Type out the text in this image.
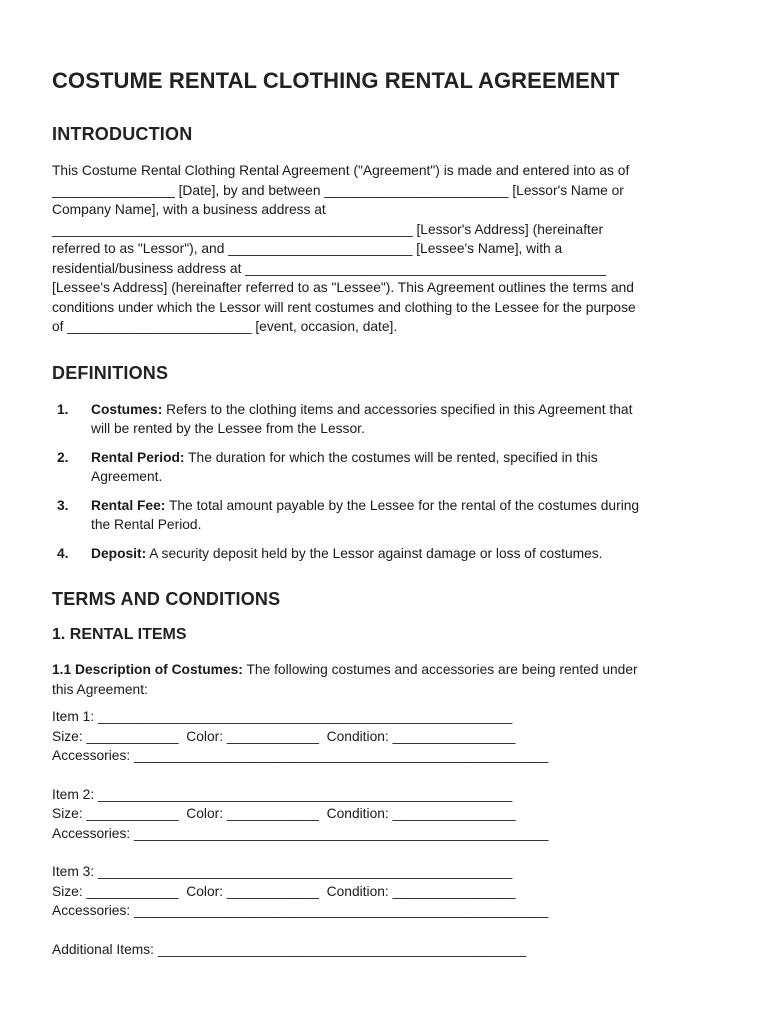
COSTUME RENTAL CLOTHING RENTAL AGREEMENT
INTRODUCTION

This Costume Rental Clothing Rental Agreement ("Agreement") is made and entered into as of

________________ [Date], by and between ________________________ [Lessor's Name or

Company Name], with a business address at

_______________________________________________ [Lessor's Address] (hereinafter

referred to as "Lessor"), and ________________________ [Lessee's Name], with a

residential/business address at _______________________________________________

[Lessee's Address] (hereinafter referred to as "Lessee"). This Agreement outlines the terms and

conditions under which the Lessor will rent costumes and clothing to the Lessee for the purpose

of ________________________ [event, occasion, date].

DEFINITIONS
1. Costumes: Refers to the clothing items and accessories specified in this Agreement that
will be rented by the Lessee from the Lessor.
2. Rental Period: The duration for which the costumes will be rented, specified in this
Agreement.
3. Rental Fee: The total amount payable by the Lessee for the rental of the costumes during
the Rental Period.
4. Deposit: A security deposit held by the Lessor against damage or loss of costumes.
TERMS AND CONDITIONS
1. RENTAL ITEMS

1.1 Description of Costumes: The following costumes and accessories are being rented under
this Agreement:

Item 1: ______________________________________________________
Size: ____________  Color: ____________  Condition: ________________
Accessories: ______________________________________________________
Item 2: ______________________________________________________
Size: ____________  Color: ____________  Condition: ________________
Accessories: ______________________________________________________
Item 3: ______________________________________________________
Size: ____________  Color: ____________  Condition: ________________
Accessories: ______________________________________________________
Additional Items: ________________________________________________
